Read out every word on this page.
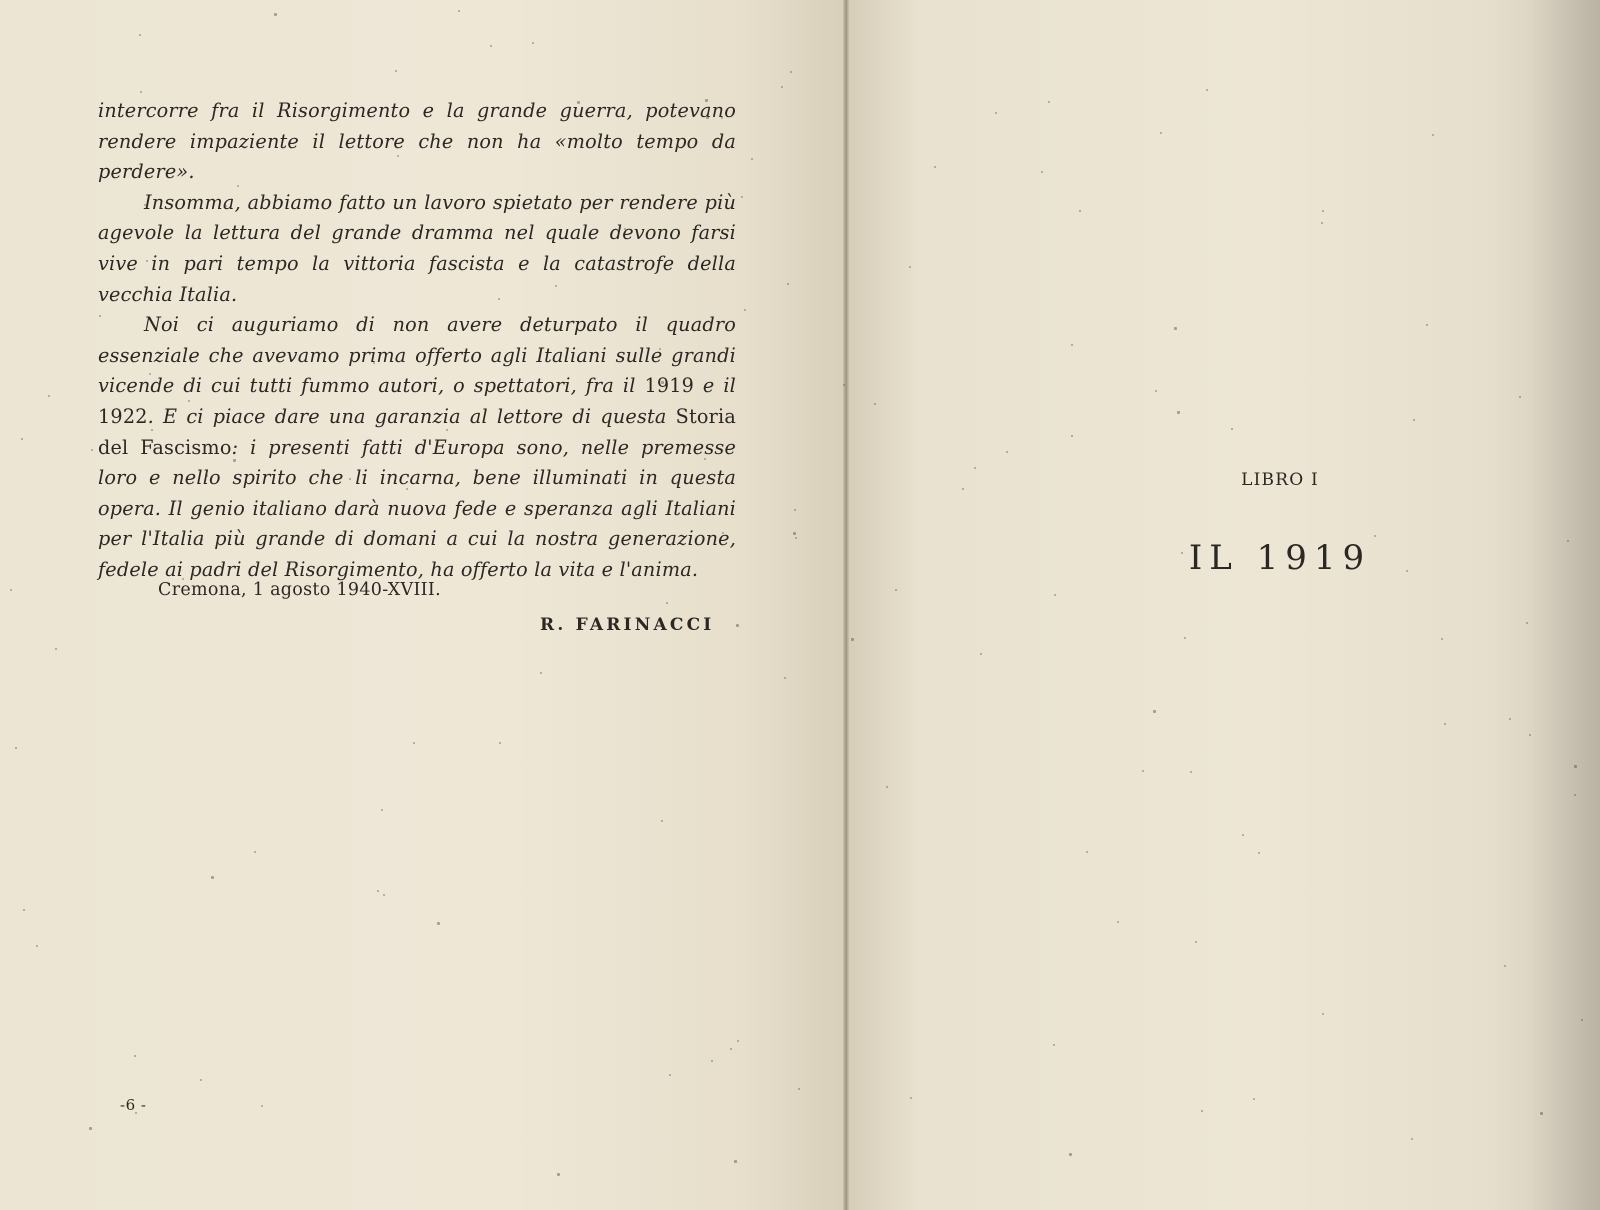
intercorre fra il Risorgimento e la grande guerra, potevano rendere impaziente il lettore che non ha «molto tempo da perdere».

Insomma, abbiamo fatto un lavoro spietato per rendere più agevole la lettura del grande dramma nel quale devono farsi vive in pari tempo la vittoria fascista e la catastrofe della vecchia Italia.

Noi ci auguriamo di non avere deturpato il quadro essenziale che avevamo prima offerto agli Italiani sulle grandi vicende di cui tutti fummo autori, o spettatori, fra il 1919 e il 1922. E ci piace dare una garanzia al lettore di questa Storia del Fascismo: i presenti fatti d'Europa sono, nelle premesse loro e nello spirito che li incarna, bene illuminati in questa opera. Il genio italiano darà nuova fede e speranza agli Italiani per l'Italia più grande di domani a cui la nostra generazione, fedele ai padri del Risorgimento, ha offerto la vita e l'anima.

Cremona, 1 agosto 1940-XVIII.
R. FARINACCI
-6 -
LIBRO I
IL 1919
